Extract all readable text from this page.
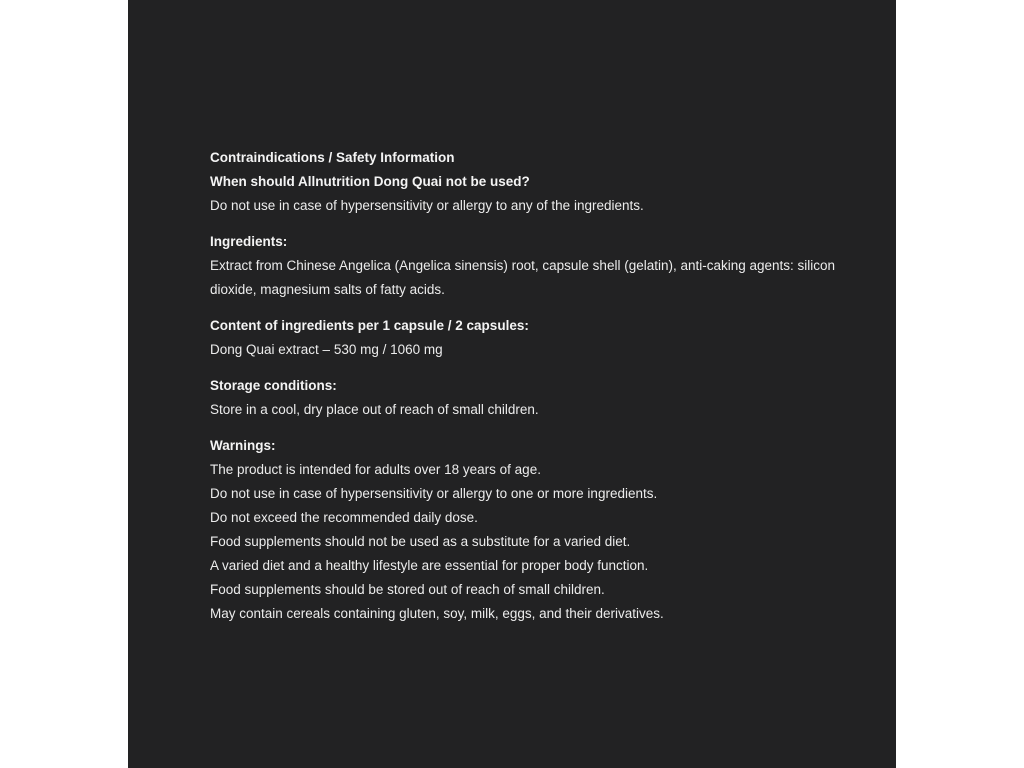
Contraindications / Safety Information
When should Allnutrition Dong Quai not be used?
Do not use in case of hypersensitivity or allergy to any of the ingredients.
Ingredients:
Extract from Chinese Angelica (Angelica sinensis) root, capsule shell (gelatin), anti-caking agents: silicon dioxide, magnesium salts of fatty acids.
Content of ingredients per 1 capsule / 2 capsules:
Dong Quai extract – 530 mg / 1060 mg
Storage conditions:
Store in a cool, dry place out of reach of small children.
Warnings:
The product is intended for adults over 18 years of age.
Do not use in case of hypersensitivity or allergy to one or more ingredients.
Do not exceed the recommended daily dose.
Food supplements should not be used as a substitute for a varied diet.
A varied diet and a healthy lifestyle are essential for proper body function.
Food supplements should be stored out of reach of small children.
May contain cereals containing gluten, soy, milk, eggs, and their derivatives.
